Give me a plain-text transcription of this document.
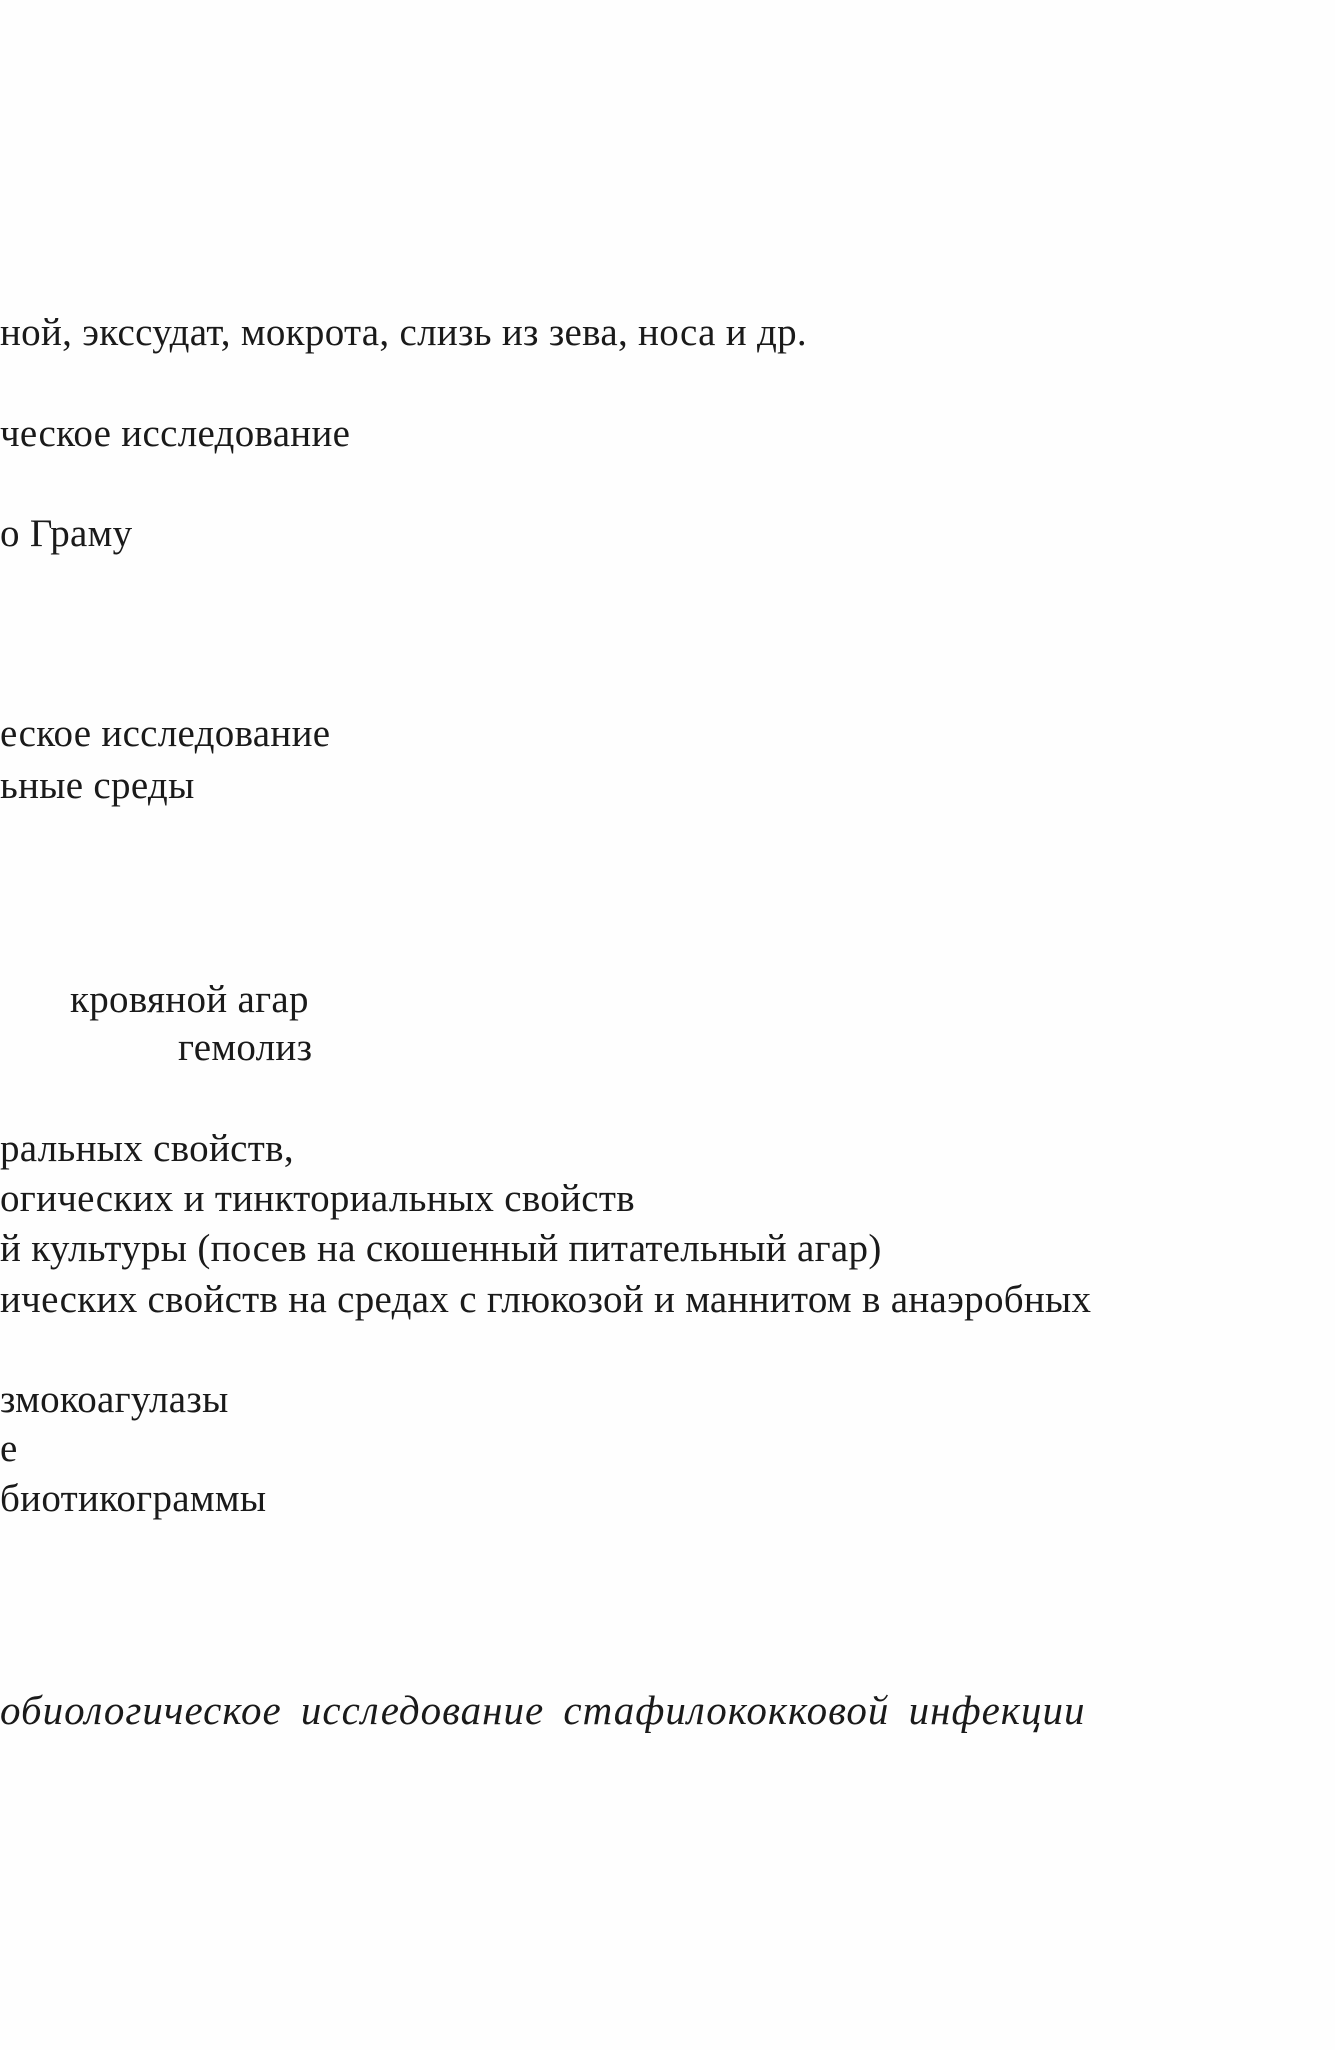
ной, экссудат, мокрота, слизь из зева, носа и др.
ческое исследование
о Граму
еское исследование
ьные среды
кровяной агар
гемолиз
ральных свойств,
огических и тинкториальных свойств
й культуры (посев на скошенный питательный агар)
ических свойств на средах с глюкозой и маннитом в анаэробных
змокоагулазы
е
биотикограммы
обиологическое исследование стафилококковой инфекции
